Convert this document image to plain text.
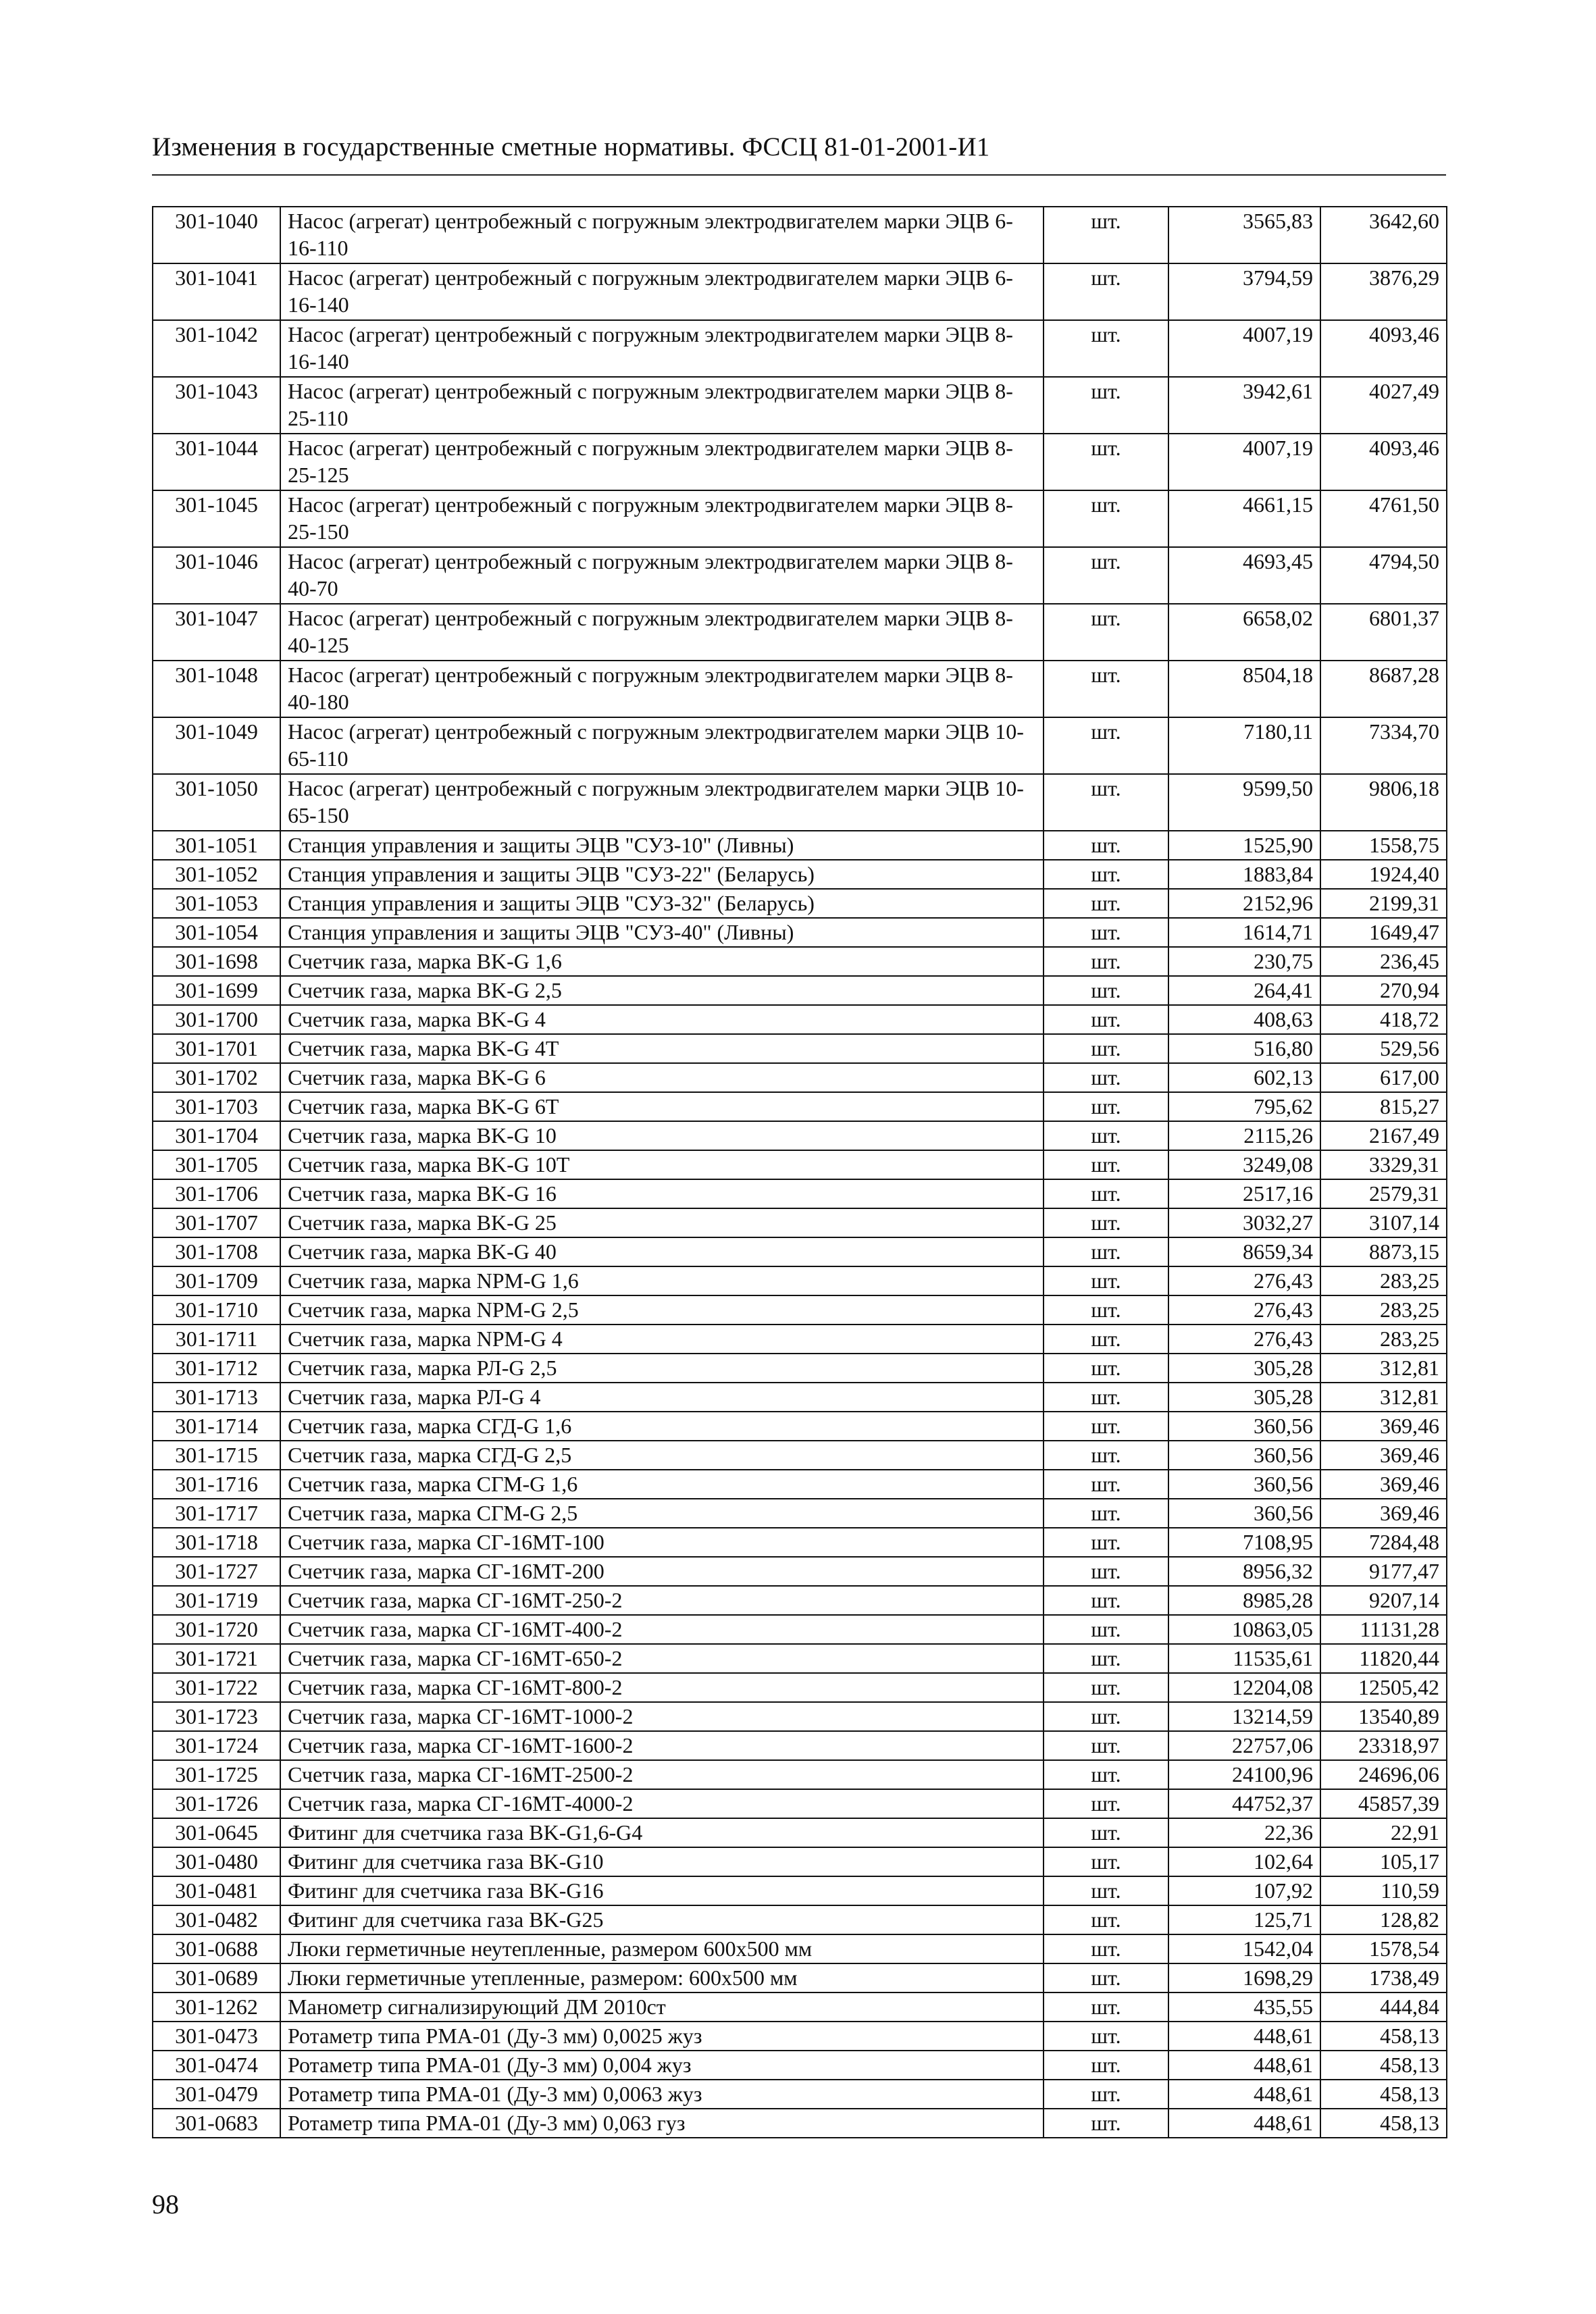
Изменения в государственные сметные нормативы. ФССЦ 81-01-2001-И1
301-1040	Насос (агрегат) центробежный с погружным электродвигателем марки ЭЦВ 6-16-110	шт.	3565,83	3642,60
301-1041	Насос (агрегат) центробежный с погружным электродвигателем марки ЭЦВ 6-16-140	шт.	3794,59	3876,29
301-1042	Насос (агрегат) центробежный с погружным электродвигателем марки ЭЦВ 8-16-140	шт.	4007,19	4093,46
301-1043	Насос (агрегат) центробежный с погружным электродвигателем марки ЭЦВ 8-25-110	шт.	3942,61	4027,49
301-1044	Насос (агрегат) центробежный с погружным электродвигателем марки ЭЦВ 8-25-125	шт.	4007,19	4093,46
301-1045	Насос (агрегат) центробежный с погружным электродвигателем марки ЭЦВ 8-25-150	шт.	4661,15	4761,50
301-1046	Насос (агрегат) центробежный с погружным электродвигателем марки ЭЦВ 8-40-70	шт.	4693,45	4794,50
301-1047	Насос (агрегат) центробежный с погружным электродвигателем марки ЭЦВ 8-40-125	шт.	6658,02	6801,37
301-1048	Насос (агрегат) центробежный с погружным электродвигателем марки ЭЦВ 8-40-180	шт.	8504,18	8687,28
301-1049	Насос (агрегат) центробежный с погружным электродвигателем марки ЭЦВ 10-65-110	шт.	7180,11	7334,70
301-1050	Насос (агрегат) центробежный с погружным электродвигателем марки ЭЦВ 10-65-150	шт.	9599,50	9806,18
301-1051	Станция управления и защиты ЭЦВ "СУЗ-10" (Ливны)	шт.	1525,90	1558,75
301-1052	Станция управления и защиты ЭЦВ "СУЗ-22" (Беларусь)	шт.	1883,84	1924,40
301-1053	Станция управления и защиты ЭЦВ "СУЗ-32" (Беларусь)	шт.	2152,96	2199,31
301-1054	Станция управления и защиты ЭЦВ "СУЗ-40" (Ливны)	шт.	1614,71	1649,47
301-1698	Счетчик газа, марка BK-G 1,6	шт.	230,75	236,45
301-1699	Счетчик газа, марка BK-G 2,5	шт.	264,41	270,94
301-1700	Счетчик газа, марка BK-G 4	шт.	408,63	418,72
301-1701	Счетчик газа, марка BK-G 4T	шт.	516,80	529,56
301-1702	Счетчик газа, марка BK-G 6	шт.	602,13	617,00
301-1703	Счетчик газа, марка BK-G 6T	шт.	795,62	815,27
301-1704	Счетчик газа, марка BK-G 10	шт.	2115,26	2167,49
301-1705	Счетчик газа, марка BK-G 10T	шт.	3249,08	3329,31
301-1706	Счетчик газа, марка BK-G 16	шт.	2517,16	2579,31
301-1707	Счетчик газа, марка BK-G 25	шт.	3032,27	3107,14
301-1708	Счетчик газа, марка BK-G 40	шт.	8659,34	8873,15
301-1709	Счетчик газа, марка NPM-G 1,6	шт.	276,43	283,25
301-1710	Счетчик газа, марка NPM-G 2,5	шт.	276,43	283,25
301-1711	Счетчик газа, марка NPM-G 4	шт.	276,43	283,25
301-1712	Счетчик газа, марка РЛ-G 2,5	шт.	305,28	312,81
301-1713	Счетчик газа, марка РЛ-G 4	шт.	305,28	312,81
301-1714	Счетчик газа, марка СГД-G 1,6	шт.	360,56	369,46
301-1715	Счетчик газа, марка СГД-G 2,5	шт.	360,56	369,46
301-1716	Счетчик газа, марка СГМ-G 1,6	шт.	360,56	369,46
301-1717	Счетчик газа, марка СГМ-G 2,5	шт.	360,56	369,46
301-1718	Счетчик газа, марка СГ-16МТ-100	шт.	7108,95	7284,48
301-1727	Счетчик газа, марка СГ-16МТ-200	шт.	8956,32	9177,47
301-1719	Счетчик газа, марка СГ-16МТ-250-2	шт.	8985,28	9207,14
301-1720	Счетчик газа, марка СГ-16МТ-400-2	шт.	10863,05	11131,28
301-1721	Счетчик газа, марка СГ-16МТ-650-2	шт.	11535,61	11820,44
301-1722	Счетчик газа, марка СГ-16МТ-800-2	шт.	12204,08	12505,42
301-1723	Счетчик газа, марка СГ-16МТ-1000-2	шт.	13214,59	13540,89
301-1724	Счетчик газа, марка СГ-16МТ-1600-2	шт.	22757,06	23318,97
301-1725	Счетчик газа, марка СГ-16МТ-2500-2	шт.	24100,96	24696,06
301-1726	Счетчик газа, марка СГ-16МТ-4000-2	шт.	44752,37	45857,39
301-0645	Фитинг для счетчика газа BK-G1,6-G4	шт.	22,36	22,91
301-0480	Фитинг для счетчика газа BK-G10	шт.	102,64	105,17
301-0481	Фитинг для счетчика газа BK-G16	шт.	107,92	110,59
301-0482	Фитинг для счетчика газа BK-G25	шт.	125,71	128,82
301-0688	Люки герметичные неутепленные, размером 600х500 мм	шт.	1542,04	1578,54
301-0689	Люки герметичные утепленные, размером: 600х500 мм	шт.	1698,29	1738,49
301-1262	Манометр сигнализирующий ДМ 2010ст	шт.	435,55	444,84
301-0473	Ротаметр типа РМА-01 (Ду-3 мм) 0,0025 жуз	шт.	448,61	458,13
301-0474	Ротаметр типа РМА-01 (Ду-3 мм) 0,004 жуз	шт.	448,61	458,13
301-0479	Ротаметр типа РМА-01 (Ду-3 мм) 0,0063 жуз	шт.	448,61	458,13
301-0683	Ротаметр типа РМА-01 (Ду-3 мм) 0,063 гуз	шт.	448,61	458,13
98
